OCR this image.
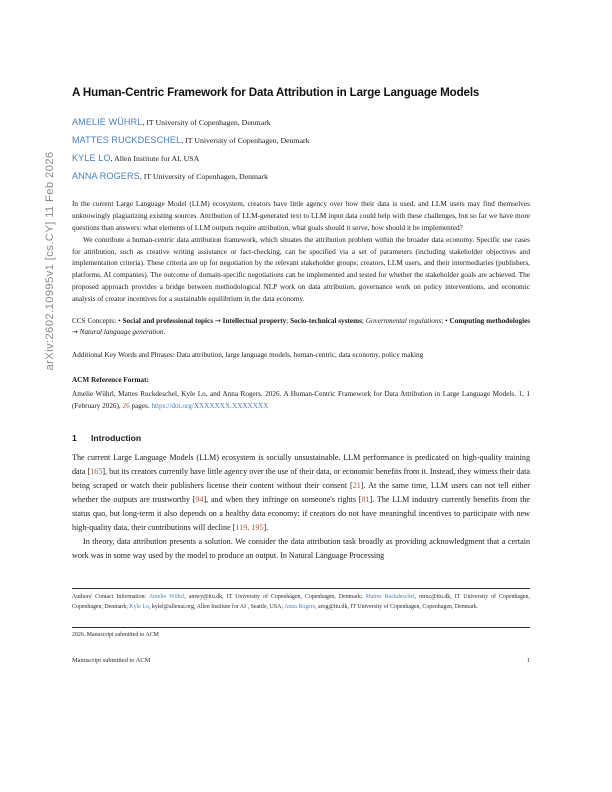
arXiv:2602.10995v1 [cs.CY] 11 Feb 2026
A Human-Centric Framework for Data Attribution in Large Language Models
AMELIE WÜHRL, IT University of Copenhagen, Denmark
MATTES RUCKDESCHEL, IT University of Copenhagen, Denmark
KYLE LO, Allen Institute for AI, USA
ANNA ROGERS, IT University of Copenhagen, Denmark

In the current Large Language Model (LLM) ecosystem, creators have little agency over how their data is used, and LLM users may find themselves unknowingly plagiarizing existing sources. Attribution of LLM-generated text to LLM input data could help with these challenges, but so far we have more questions than answers: what elements of LLM outputs require attribution, what goals should it serve, how should it be implemented?

We contribute a human-centric data attribution framework, which situates the attribution problem within the broader data economy. Specific use cases for attribution, such as creative writing assistance or fact-checking, can be specified via a set of parameters (including stakeholder objectives and implementation criteria). These criteria are up for negotiation by the relevant stakeholder groups: creators, LLM users, and their intermediaries (publishers, platforms, AI companies). The outcome of domain-specific negotiations can be implemented and tested for whether the stakeholder goals are achieved. The proposed approach provides a bridge between methodological NLP work on data attribution, governance work on policy interventions, and economic analysis of creator incentives for a sustainable equilibrium in the data economy.

CCS Concepts: • Social and professional topics → Intellectual property; Socio-technical systems; Governmental regulations; • Computing methodologies → Natural language generation.
Additional Key Words and Phrases: Data attribution, large language models, human-centric, data economy, policy making
ACM Reference Format:
Amelie Wührl, Mattes Ruckdeschel, Kyle Lo, and Anna Rogers. 2026. A Human-Centric Framework for Data Attribution in Large Language Models. 1, 1 (February 2026), 26 pages. https://doi.org/XXXXXXX.XXXXXXX
1 Introduction

The current Large Language Models (LLM) ecosystem is socially unsustainable. LLM performance is predicated on high-quality training data [165], but its creators currently have little agency over the use of their data, or economic benefits from it. Instead, they witness their data being scraped or watch their publishers license their content without their consent [21]. At the same time, LLM users can not tell either whether the outputs are trustworthy [94], and when they infringe on someone's rights [81]. The LLM industry currently benefits from the status quo, but long-term it also depends on a healthy data economy: if creators do not have meaningful incentives to participate with new high-quality data, their contributions will decline [119, 195].

In theory, data attribution presents a solution. We consider the data attribution task broadly as providing acknowledgment that a certain work was in some way used by the model to produce an output. In Natural Language Processing

Authors' Contact Information: Amelie Wührl, amwy@itu.dk, IT University of Copenhagen, Copenhagen, Denmark; Mattes Ruckdeschel, mruc@itu.dk, IT University of Copenhagen, Copenhagen, Denmark; Kyle Lo, kylel@allenai.org, Allen Institute for AI , Seattle, USA; Anna Rogers, arog@itu.dk, IT University of Copenhagen, Copenhagen, Denmark.
2026. Manuscript submitted to ACM
Manuscript submitted to ACM	1
